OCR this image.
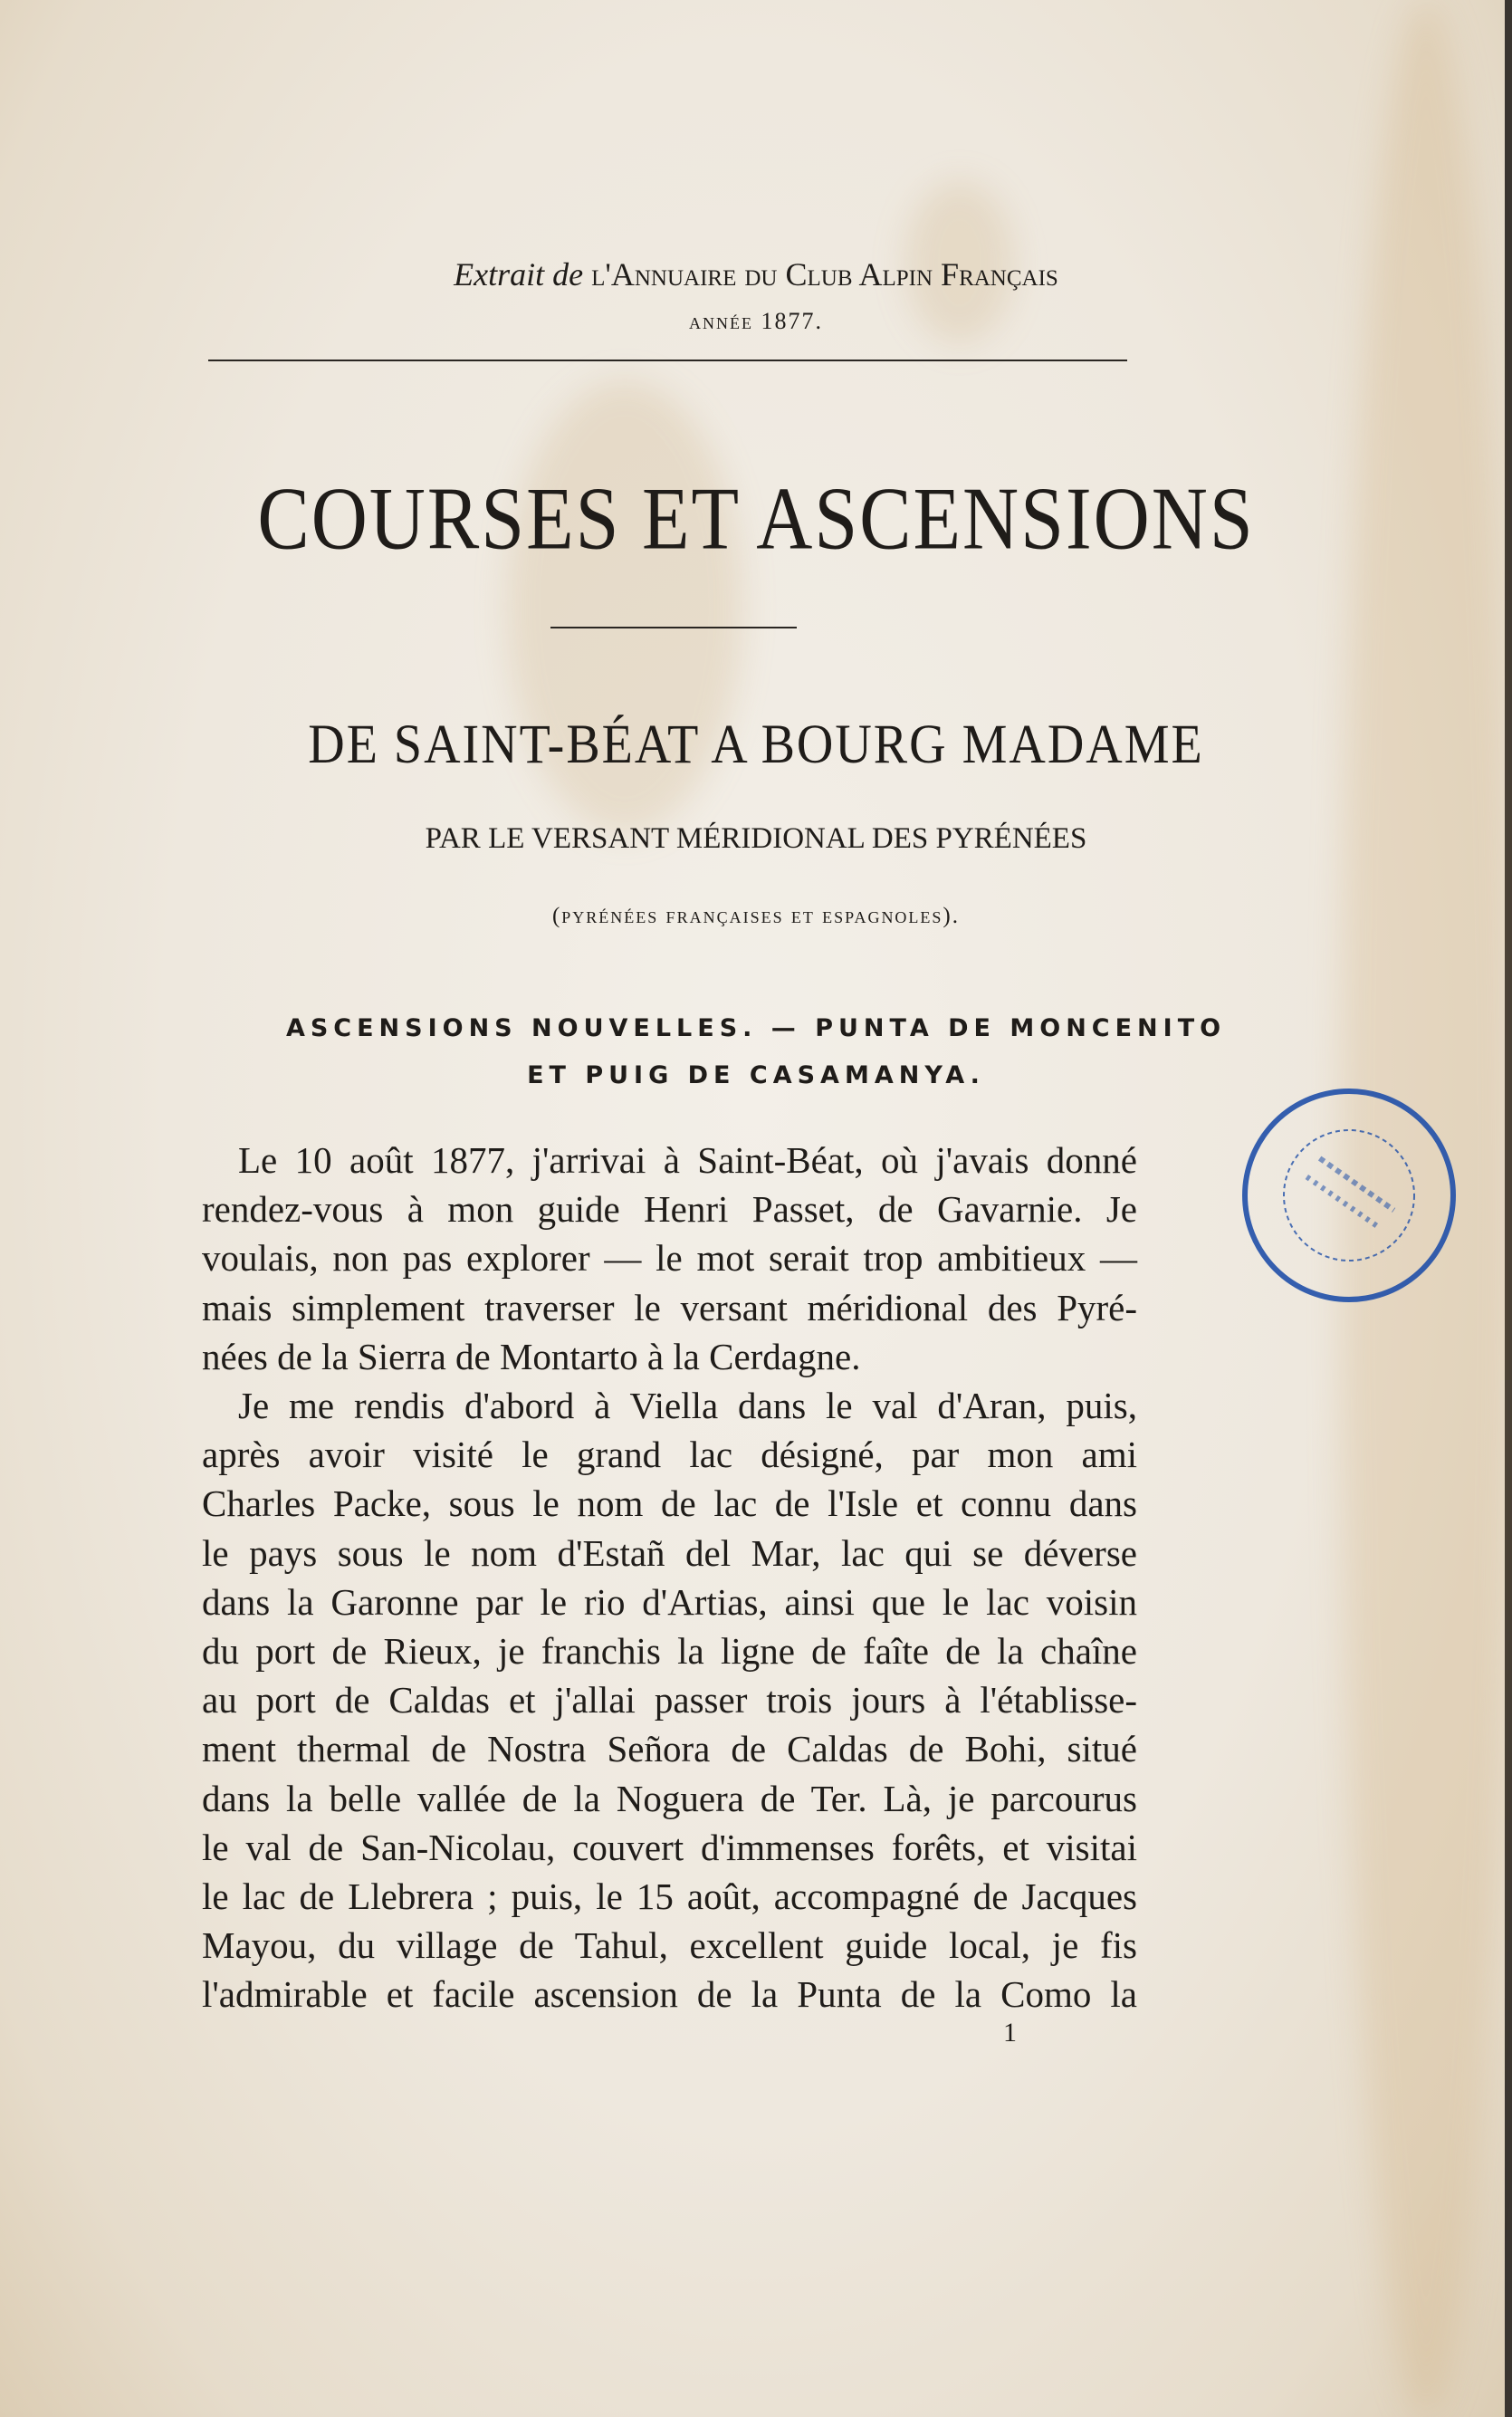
Extrait de l'Annuaire du Club Alpin Français
année 1877.
COURSES ET ASCENSIONS
DE SAINT-BÉAT A BOURG MADAME
PAR LE VERSANT MÉRIDIONAL DES PYRÉNÉES
(pyrénées françaises et espagnoles).
ASCENSIONS NOUVELLES. — PUNTA DE MONCENITO
ET PUIG DE CASAMANYA.
Le 10 août 1877, j'arrivai à Saint-Béat, où j'avais donné
rendez-vous à mon guide Henri Passet, de Gavarnie. Je
voulais, non pas explorer — le mot serait trop ambitieux —
mais simplement traverser le versant méridional des Pyré-
nées de la Sierra de Montarto à la Cerdagne.
Je me rendis d'abord à Viella dans le val d'Aran, puis,
après avoir visité le grand lac désigné, par mon ami
Charles Packe, sous le nom de lac de l'Isle et connu dans
le pays sous le nom d'Estañ del Mar, lac qui se déverse
dans la Garonne par le rio d'Artias, ainsi que le lac voisin
du port de Rieux, je franchis la ligne de faîte de la chaîne
au port de Caldas et j'allai passer trois jours à l'établisse-
ment thermal de Nostra Señora de Caldas de Bohi, situé
dans la belle vallée de la Noguera de Ter. Là, je parcourus
le val de San-Nicolau, couvert d'immenses forêts, et visitai
le lac de Llebrera ; puis, le 15 août, accompagné de Jacques
Mayou, du village de Tahul, excellent guide local, je fis
l'admirable et facile ascension de la Punta de la Como la
1
